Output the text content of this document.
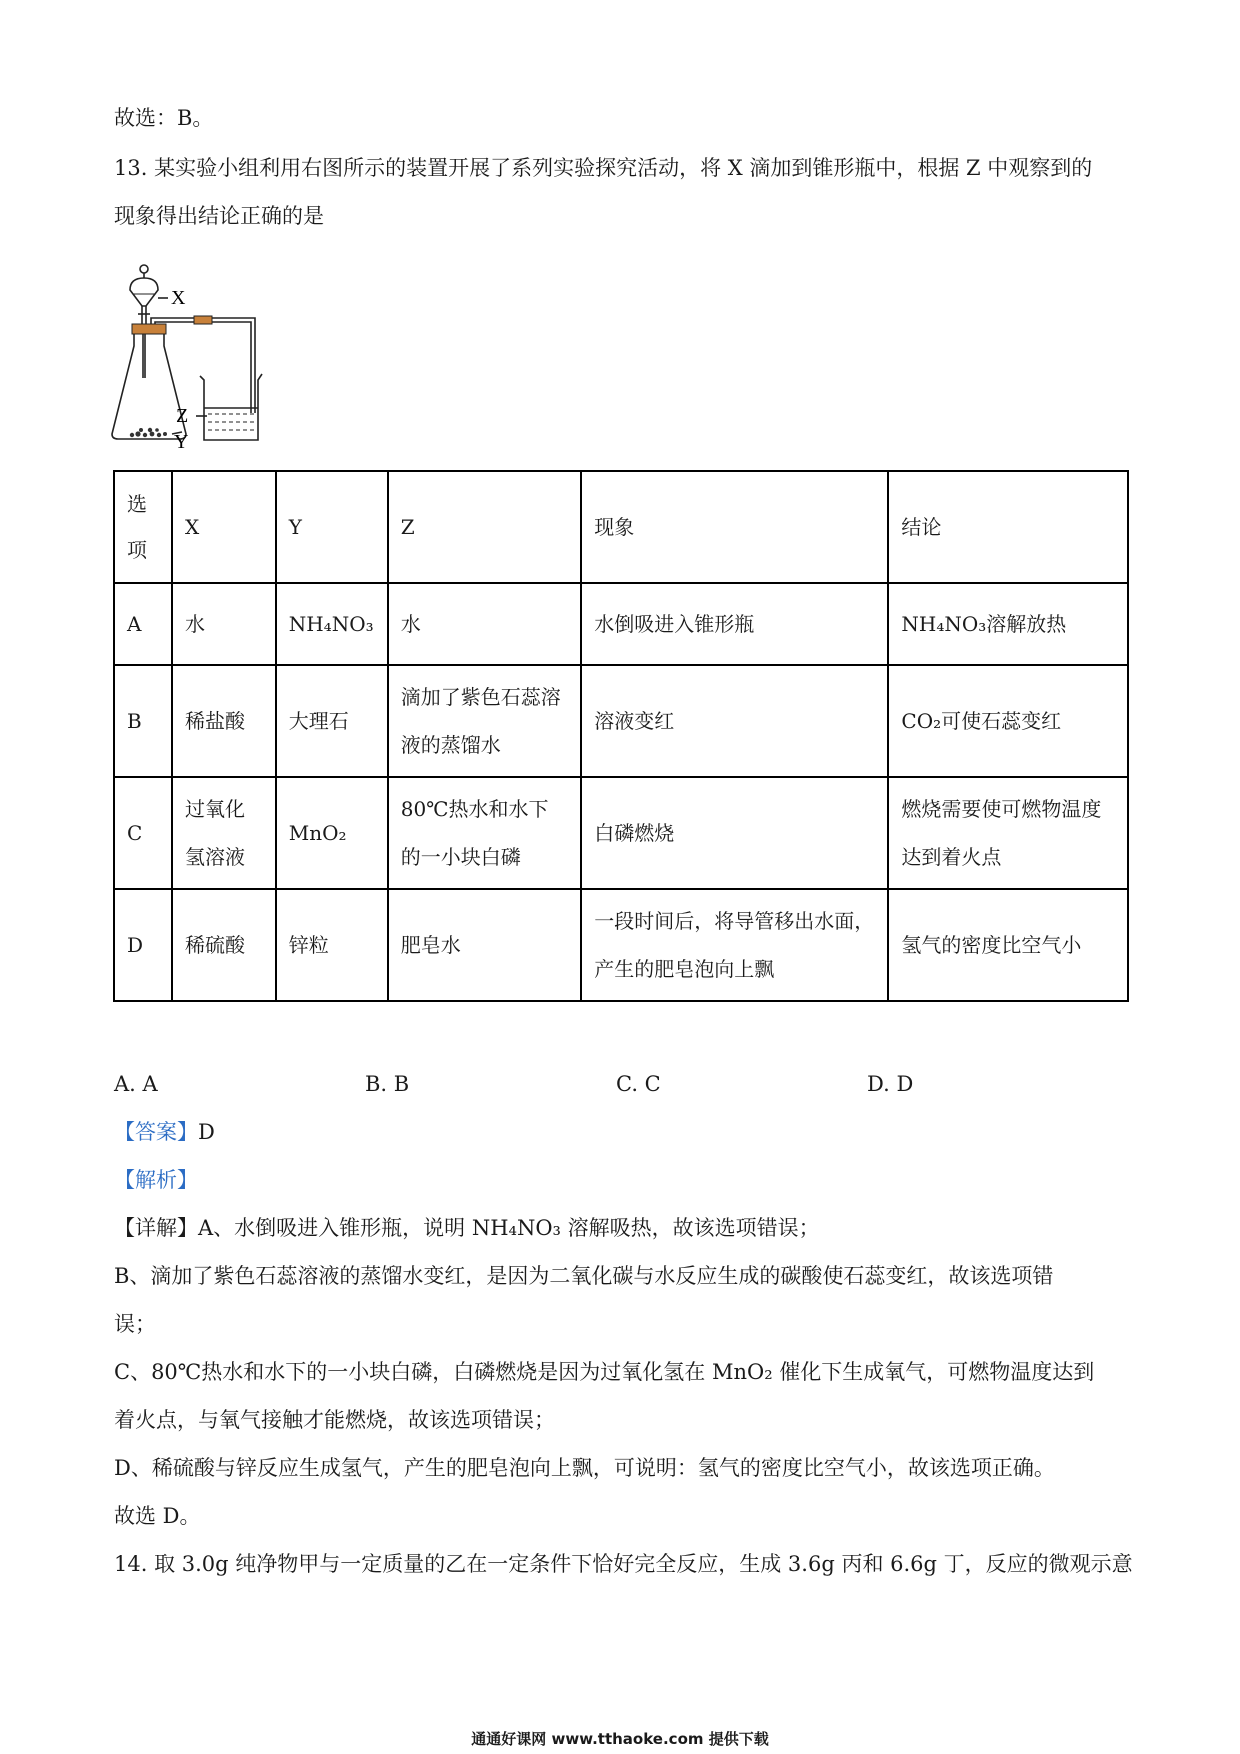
故选：B。
13. 某实验小组利用右图所示的装置开展了系列实验探究活动，将 X 滴加到锥形瓶中，根据 Z 中观察到的
现象得出结论正确的是
X
Z
Y
选项	X	Y	Z	现象	结论
A	水	NH₄NO₃	水	水倒吸进入锥形瓶	NH₄NO₃溶解放热
B	稀盐酸	大理石	滴加了紫色石蕊溶液的蒸馏水	溶液变红	CO₂可使石蕊变红
C	过氧化氢溶液	MnO₂	80℃热水和水下的一小块白磷	白磷燃烧	燃烧需要使可燃物温度达到着火点
D	稀硫酸	锌粒	肥皂水	一段时间后，将导管移出水面，产生的肥皂泡向上飘	氢气的密度比空气小
A. A	B. B	C. C	D. D
【答案】D
【解析】
【详解】A、水倒吸进入锥形瓶，说明 NH₄NO₃ 溶解吸热，故该选项错误；
B、滴加了紫色石蕊溶液的蒸馏水变红，是因为二氧化碳与水反应生成的碳酸使石蕊变红，故该选项错
误；
C、80℃热水和水下的一小块白磷，白磷燃烧是因为过氧化氢在 MnO₂ 催化下生成氧气，可燃物温度达到
着火点，与氧气接触才能燃烧，故该选项错误；
D、稀硫酸与锌反应生成氢气，产生的肥皂泡向上飘，可说明：氢气的密度比空气小，故该选项正确。
故选 D。
14. 取 3.0g 纯净物甲与一定质量的乙在一定条件下恰好完全反应，生成 3.6g 丙和 6.6g 丁，反应的微观示意
通通好课网 www.tthaoke.com 提供下载
